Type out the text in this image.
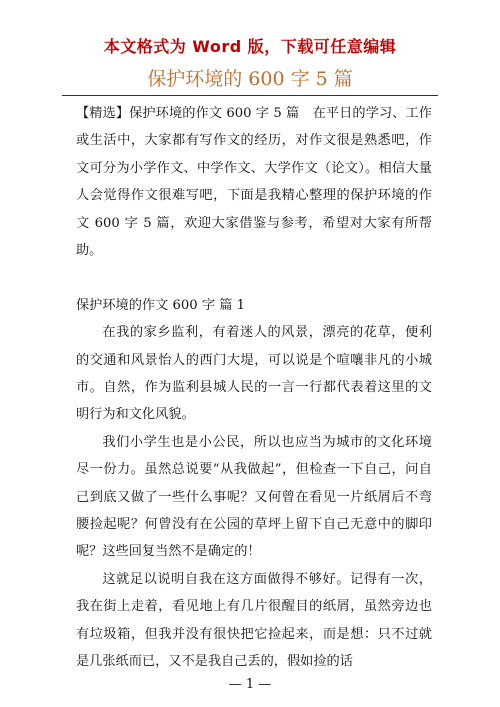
本文格式为 Word 版，下载可任意编辑
保护环境的 600 字 5 篇

【精选】保护环境的作文 600 字 5 篇　在平日的学习、工作或生活中，大家都有写作文的经历，对作文很是熟悉吧，作文可分为小学作文、中学作文、大学作文（论文）。相信大量人会觉得作文很难写吧，下面是我精心整理的保护环境的作文 600 字 5 篇，欢迎大家借鉴与参考，希望对大家有所帮助。

保护环境的作文 600 字 篇 1

在我的家乡监利，有着迷人的风景，漂亮的花草，便利的交通和风景怡人的西门大堤，可以说是个喧嚷非凡的小城市。自然，作为监利县城人民的一言一行都代表着这里的文明行为和文化风貌。

我们小学生也是小公民，所以也应当为城市的文化环境尽一份力。虽然总说要“从我做起”，但检查一下自己，问自己到底又做了一些什么事呢？又何曾在看见一片纸屑后不弯腰捡起呢？何曾没有在公园的草坪上留下自己无意中的脚印呢？这些回复当然不是确定的！

这就足以说明自我在这方面做得不够好。记得有一次，我在街上走着，看见地上有几片很醒目的纸屑，虽然旁边也有垃圾箱，但我并没有很快把它捡起来，而是想：只不过就是几张纸而已，又不是我自己丢的，假如捡的话

— 1 —
